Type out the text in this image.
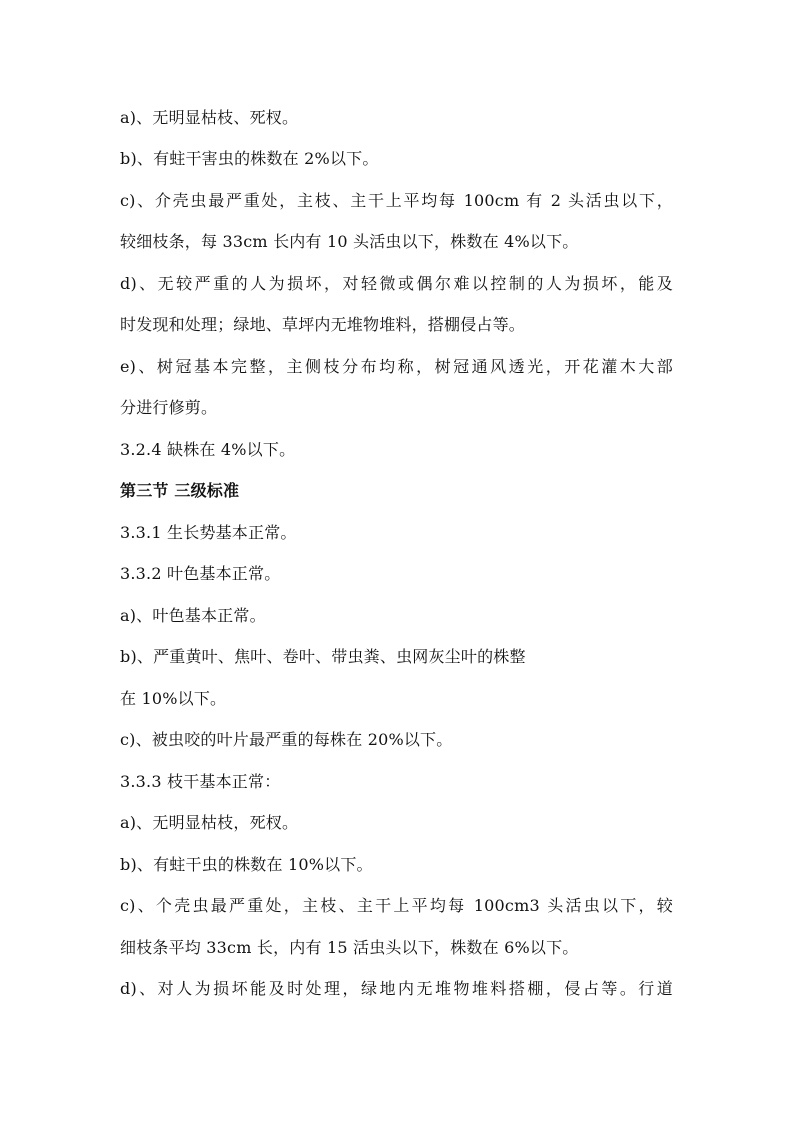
a)、无明显枯枝、死杈。
b)、有蛀干害虫的株数在 2%以下。
c)、介壳虫最严重处，主枝、主干上平均每 100cm 有 2 头活虫以下，
较细枝条，每 33cm 长内有 10 头活虫以下，株数在 4%以下。
d)、无较严重的人为损坏，对轻微或偶尔难以控制的人为损坏，能及
时发现和处理；绿地、草坪内无堆物堆料，搭棚侵占等。
e)、树冠基本完整，主侧枝分布均称，树冠通风透光，开花灌木大部
分进行修剪。
3.2.4 缺株在 4%以下。
第三节 三级标准
3.3.1 生长势基本正常。
3.3.2 叶色基本正常。
a)、叶色基本正常。
b)、严重黄叶、焦叶、卷叶、带虫粪、虫网灰尘叶的株整
在 10%以下。
c)、被虫咬的叶片最严重的每株在 20%以下。
3.3.3 枝干基本正常：
a)、无明显枯枝，死杈。
b)、有蛀干虫的株数在 10%以下。
c)、个壳虫最严重处，主枝、主干上平均每 100cm3 头活虫以下，较
细枝条平均 33cm 长，内有 15 活虫头以下，株数在 6%以下。
d)、对人为损坏能及时处理，绿地内无堆物堆料搭棚，侵占等。行道
